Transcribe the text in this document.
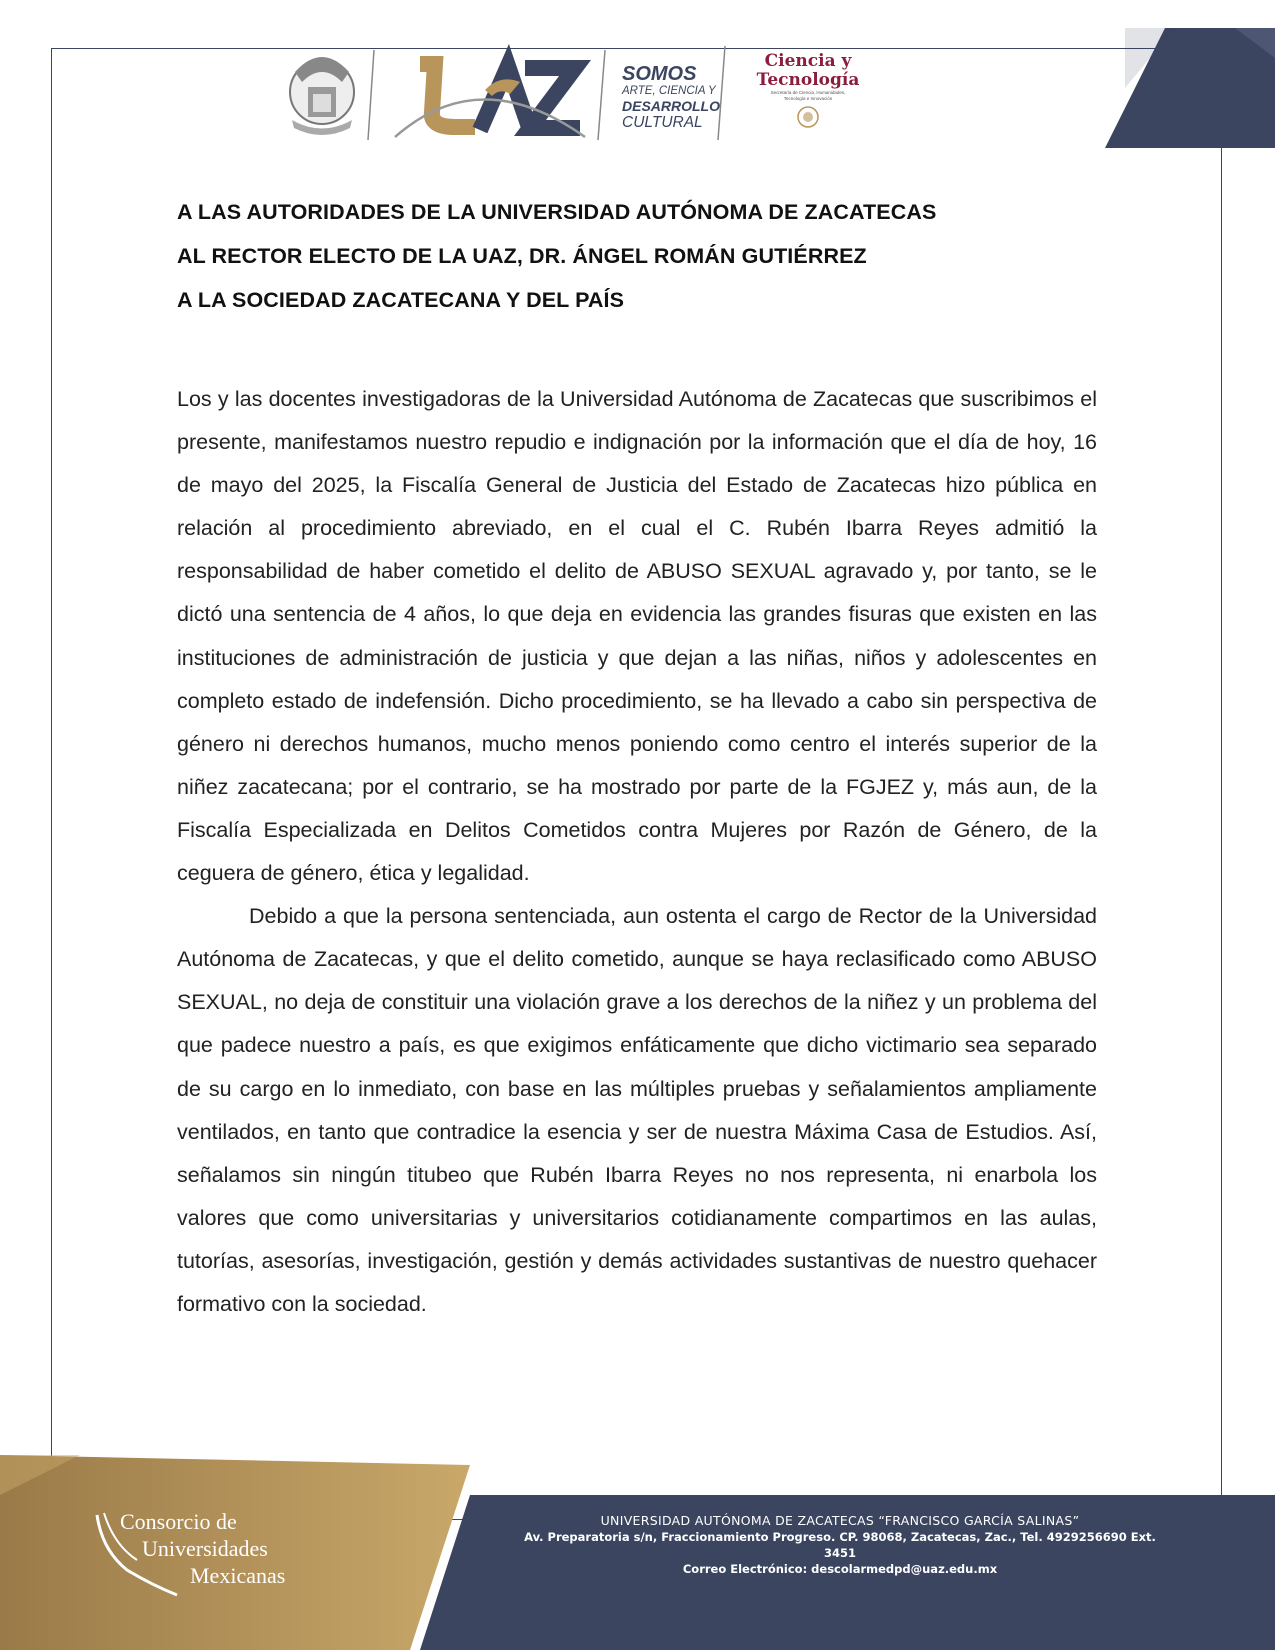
SOMOS
ARTE, CIENCIA Y
DESARROLLO
CULTURAL
Ciencia y
Tecnología
Secretaría de Ciencia, Humanidades,
Tecnología e Innovación
A LAS AUTORIDADES DE LA UNIVERSIDAD AUTÓNOMA DE ZACATECAS
AL RECTOR ELECTO DE LA UAZ, DR. ÁNGEL ROMÁN GUTIÉRREZ
A LA SOCIEDAD ZACATECANA Y DEL PAÍS

Los y las docentes investigadoras de la Universidad Autónoma de Zacatecas que suscribimos el presente, manifestamos nuestro repudio e indignación por la información que el día de hoy, 16 de mayo del 2025, la Fiscalía General de Justicia del Estado de Zacatecas hizo pública en relación al procedimiento abreviado, en el cual el C. Rubén Ibarra Reyes admitió la responsabilidad de haber cometido el delito de ABUSO SEXUAL agravado y, por tanto, se le dictó una sentencia de 4 años, lo que deja en evidencia las grandes fisuras que existen en las instituciones de administración de justicia y que dejan a las niñas, niños y adolescentes en completo estado de indefensión. Dicho procedimiento, se ha llevado a cabo sin perspectiva de género ni derechos humanos, mucho menos poniendo como centro el interés superior de la niñez zacatecana; por el contrario, se ha mostrado por parte de la FGJEZ y, más aun, de la Fiscalía Especializada en Delitos Cometidos contra Mujeres por Razón de Género, de la ceguera de género, ética y legalidad.

Debido a que la persona sentenciada, aun ostenta el cargo de Rector de la Universidad Autónoma de Zacatecas, y que el delito cometido, aunque se haya reclasificado como ABUSO SEXUAL, no deja de constituir una violación grave a los derechos de la niñez y un problema del que padece nuestro a país, es que exigimos enfáticamente que dicho victimario sea separado de su cargo en lo inmediato, con base en las múltiples pruebas y señalamientos ampliamente ventilados, en tanto que contradice la esencia y ser de nuestra Máxima Casa de Estudios. Así, señalamos sin ningún titubeo que Rubén Ibarra Reyes no nos representa, ni enarbola los valores que como universitarias y universitarios cotidianamente compartimos en las aulas, tutorías, asesorías, investigación, gestión y demás actividades sustantivas de nuestro quehacer formativo con la sociedad.

Consorcio de
Universidades
Mexicanas
UNIVERSIDAD AUTÓNOMA DE ZACATECAS “FRANCISCO GARCÍA SALINAS”
Av. Preparatoria s/n, Fraccionamiento Progreso. CP. 98068, Zacatecas, Zac., Tel. 4929256690 Ext. 3451
Correo Electrónico: descolarmedpd@uaz.edu.mx
